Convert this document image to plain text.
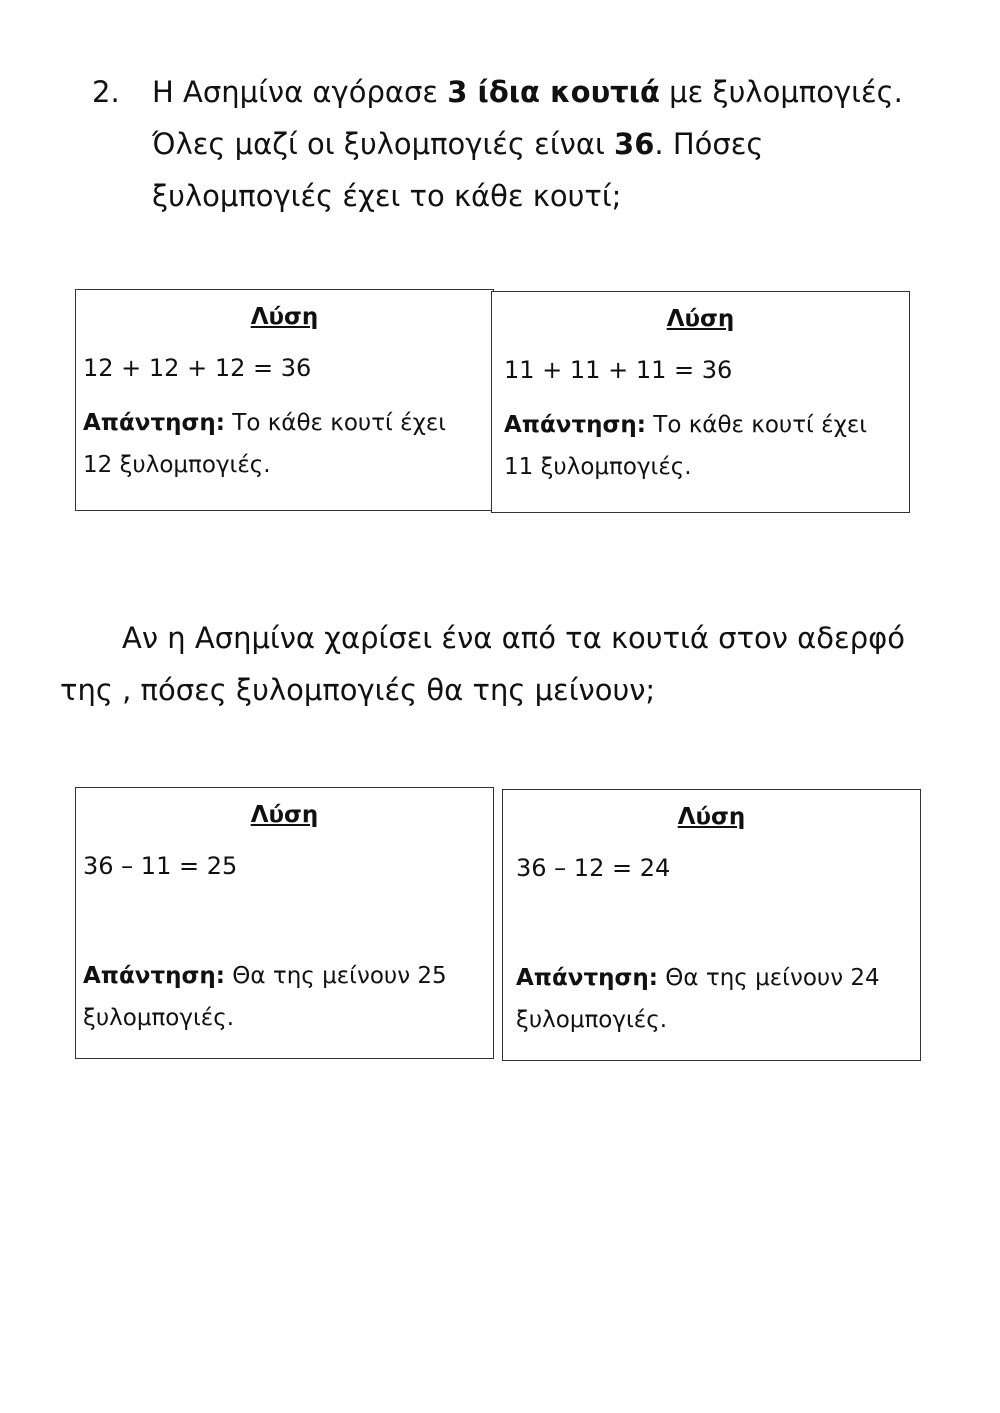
2. Η Ασημίνα αγόρασε 3 ίδια κουτιά με ξυλομπογιές.
Όλες μαζί οι ξυλομπογιές είναι 36. Πόσες
ξυλομπογιές έχει το κάθε κουτί;
Λύση
12 + 12 + 12 = 36
Απάντηση: Το κάθε κουτί έχει
12 ξυλομπογιές.
Λύση
11 + 11 + 11 = 36
Απάντηση: Το κάθε κουτί έχει
11 ξυλομπογιές.
Αν η Ασημίνα χαρίσει ένα από τα κουτιά στον αδερφό
της , πόσες ξυλομπογιές θα της μείνουν;
Λύση
36 – 11 = 25
Απάντηση: Θα της μείνουν 25
ξυλομπογιές.
Λύση
36 – 12 = 24
Απάντηση: Θα της μείνουν 24
ξυλομπογιές.
